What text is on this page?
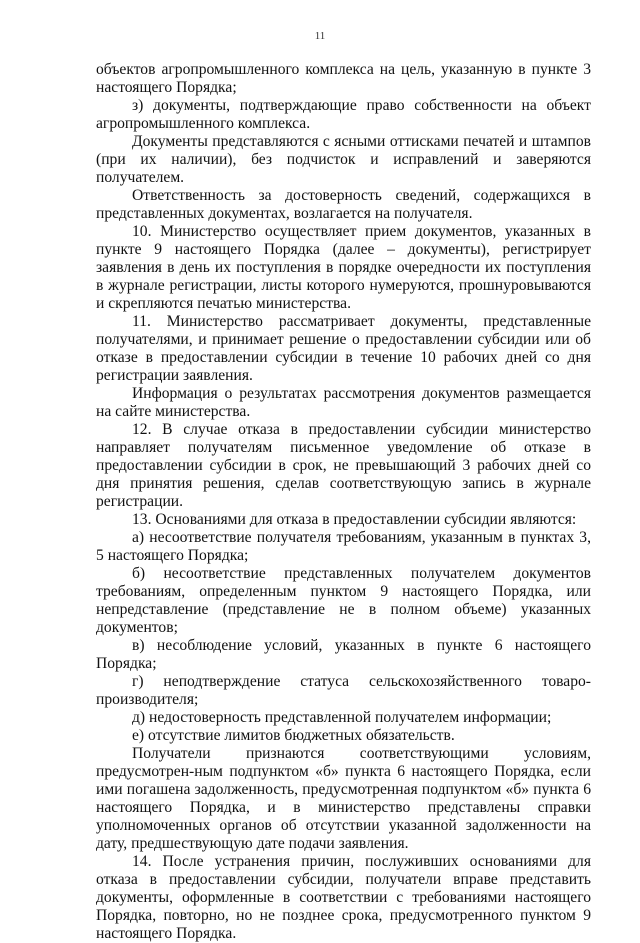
11

объектов агропромышленного комплекса на цель, указанную в пункте 3 настоящего Порядка;

з) документы, подтверждающие право собственности на объект агропромышленного комплекса.

Документы представляются с ясными оттисками печатей и штампов (при их наличии), без подчисток и исправлений и заверяются получателем.

Ответственность за достоверность сведений, содержащихся в представленных документах, возлагается на получателя.

10. Министерство осуществляет прием документов, указанных в пункте 9 настоящего Порядка (далее – документы), регистрирует заявления в день их поступления в порядке очередности их поступления в журнале регистрации, листы которого нумеруются, прошнуровываются и скрепляются печатью министерства.

11. Министерство рассматривает документы, представленные получателями, и принимает решение о предоставлении субсидии или об отказе в предоставлении субсидии в течение 10 рабочих дней со дня регистрации заявления.

Информация о результатах рассмотрения документов размещается на сайте министерства.

12. В случае отказа в предоставлении субсидии министерство направляет получателям письменное уведомление об отказе в предоставлении субсидии в срок, не превышающий 3 рабочих дней со дня принятия решения, сделав соответствующую запись в журнале регистрации.

13. Основаниями для отказа в предоставлении субсидии являются:

а) несоответствие получателя требованиям, указанным в пунктах 3, 5 настоящего Порядка;

б) несоответствие представленных получателем документов требованиям, определенным пунктом 9 настоящего Порядка, или непредставление (представление не в полном объеме) указанных документов;

в) несоблюдение условий, указанных в пункте 6 настоящего Порядка;

г) неподтверждение статуса сельскохозяйственного товаро-производителя;

д) недостоверность представленной получателем информации;

е) отсутствие лимитов бюджетных обязательств.

Получатели признаются соответствующими условиям, предусмотрен-ным подпунктом «б» пункта 6 настоящего Порядка, если ими погашена задолженность, предусмотренная подпунктом «б» пункта 6 настоящего Порядка, и в министерство представлены справки уполномоченных органов об отсутствии указанной задолженности на дату, предшествующую дате подачи заявления.

14. После устранения причин, послуживших основаниями для отказа в предоставлении субсидии, получатели вправе представить документы, оформленные в соответствии с требованиями настоящего Порядка, повторно, но не позднее срока, предусмотренного пунктом 9 настоящего Порядка.
